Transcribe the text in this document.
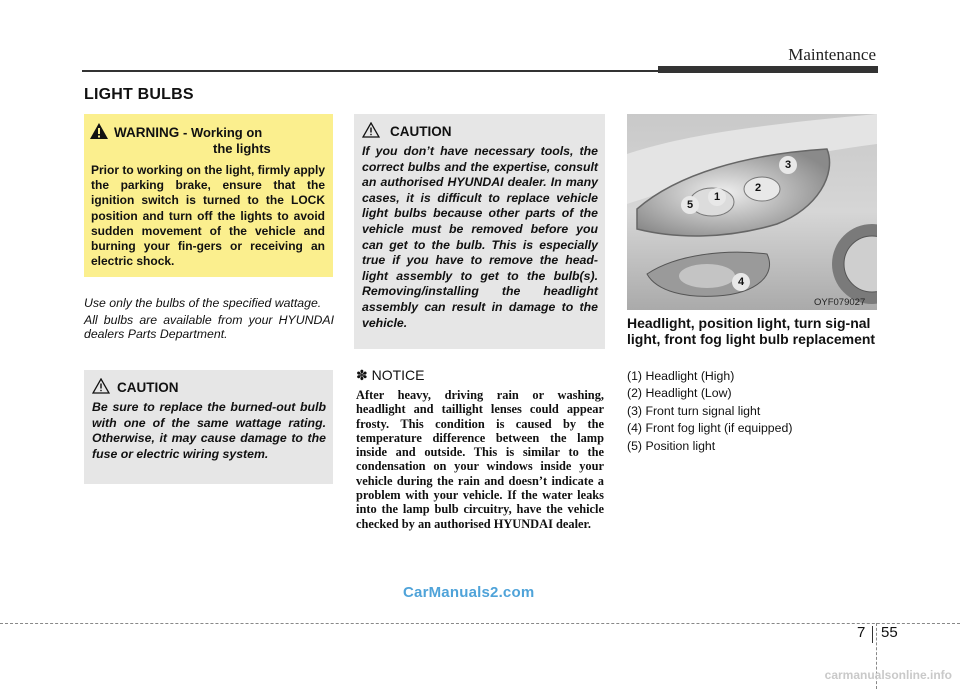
Maintenance
LIGHT BULBS
WARNING - Working on
the lights
Prior to working on the light, firmly apply the parking brake, ensure that the ignition switch is turned to the LOCK position and turn off the lights to avoid sudden movement of the vehicle and burning your fin-gers or receiving an electric shock.

Use only the bulbs of the specified wattage.

All bulbs are available from your HYUNDAI dealers Parts Department.

CAUTION
Be sure to replace the burned-out bulb with one of the same wattage rating. Otherwise, it may cause damage to the fuse or electric wiring system.
CAUTION
If you don’t have necessary tools, the correct bulbs and the expertise, consult an authorised HYUNDAI dealer. In many cases, it is difficult to replace vehicle light bulbs because other parts of the vehicle must be removed before you can get to the bulb. This is especially true if you have to remove the head-light assembly to get to the bulb(s). Removing/installing the headlight assembly can result in damage to the vehicle.
✽ NOTICE
After heavy, driving rain or washing, headlight and taillight lenses could appear frosty. This condition is caused by the temperature difference between the lamp inside and outside. This is similar to the condensation on your windows inside your vehicle during the rain and doesn’t indicate a problem with your vehicle. If the water leaks into the lamp bulb circuitry, have the vehicle checked by an authorised HYUNDAI dealer.
5
1
2
3
4
OYF079027
Headlight, position light, turn sig-nal light, front fog light bulb replacement
(1) Headlight (High)
(2) Headlight (Low)
(3) Front turn signal light
(4) Front fog light (if equipped)
(5) Position light
CarManuals2.com
7 55
carmanualsonline.info
